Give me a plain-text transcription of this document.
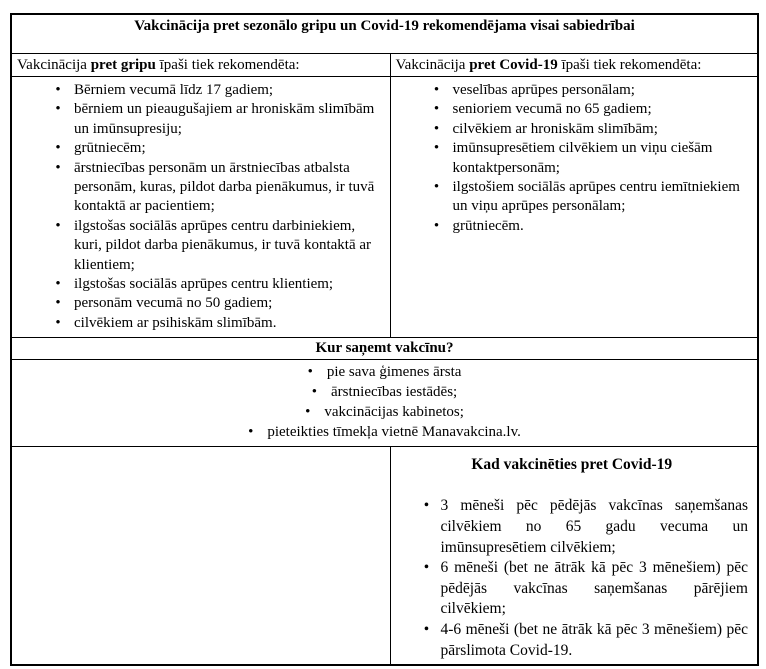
Vakcinācija pret sezonālo gripu un Covid-19 rekomendējama visai sabiedrībai	
Vakcinācija pret gripu īpaši tiek rekomendēta:	Vakcinācija pret Covid-19 īpaši tiek rekomendēta:

• Bērniem vecumā līdz 17 gadiem;
• bērniem un pieaugušajiem ar hroniskām slimībām un imūnsupresiju;
• grūtniecēm;
• ārstniecības personām un ārstniecības atbalsta personām, kuras, pildot darba pienākumus, ir tuvā kontaktā ar pacientiem;
• ilgstošas sociālās aprūpes centru darbiniekiem, kuri, pildot darba pienākumus, ir tuvā kontaktā ar klientiem;
• ilgstošas sociālās aprūpes centru klientiem;
• personām vecumā no 50 gadiem;
• cilvēkiem ar psihiskām slimībām.

• veselības aprūpes personālam;
• senioriem vecumā no 65 gadiem;
• cilvēkiem ar hroniskām slimībām;
• imūnsupresētiem cilvēkiem un viņu ciešām kontaktpersonām;
• ilgstošiem sociālās aprūpes centru iemītniekiem un viņu aprūpes personālam;
• grūtniecēm.

Kur saņemt vakcīnu?	

• pie sava ģimenes ārsta
• ārstniecības iestādēs;
• vakcinācijas kabinetos;
• pieteikties tīmekļa vietnē Manavakcina.lv.

Kad vakcinēties pret Covid-19
• 3 mēneši pēc pēdējās vakcīnas saņemšanas cilvēkiem no 65 gadu vecuma un imūnsupresētiem cilvēkiem;
• 6 mēneši (bet ne ātrāk kā pēc 3 mēnešiem) pēc pēdējās vakcīnas saņemšanas pārējiem cilvēkiem;
• 4-6 mēneši (bet ne ātrāk kā pēc 3 mēnešiem) pēc pārslimota Covid-19.
